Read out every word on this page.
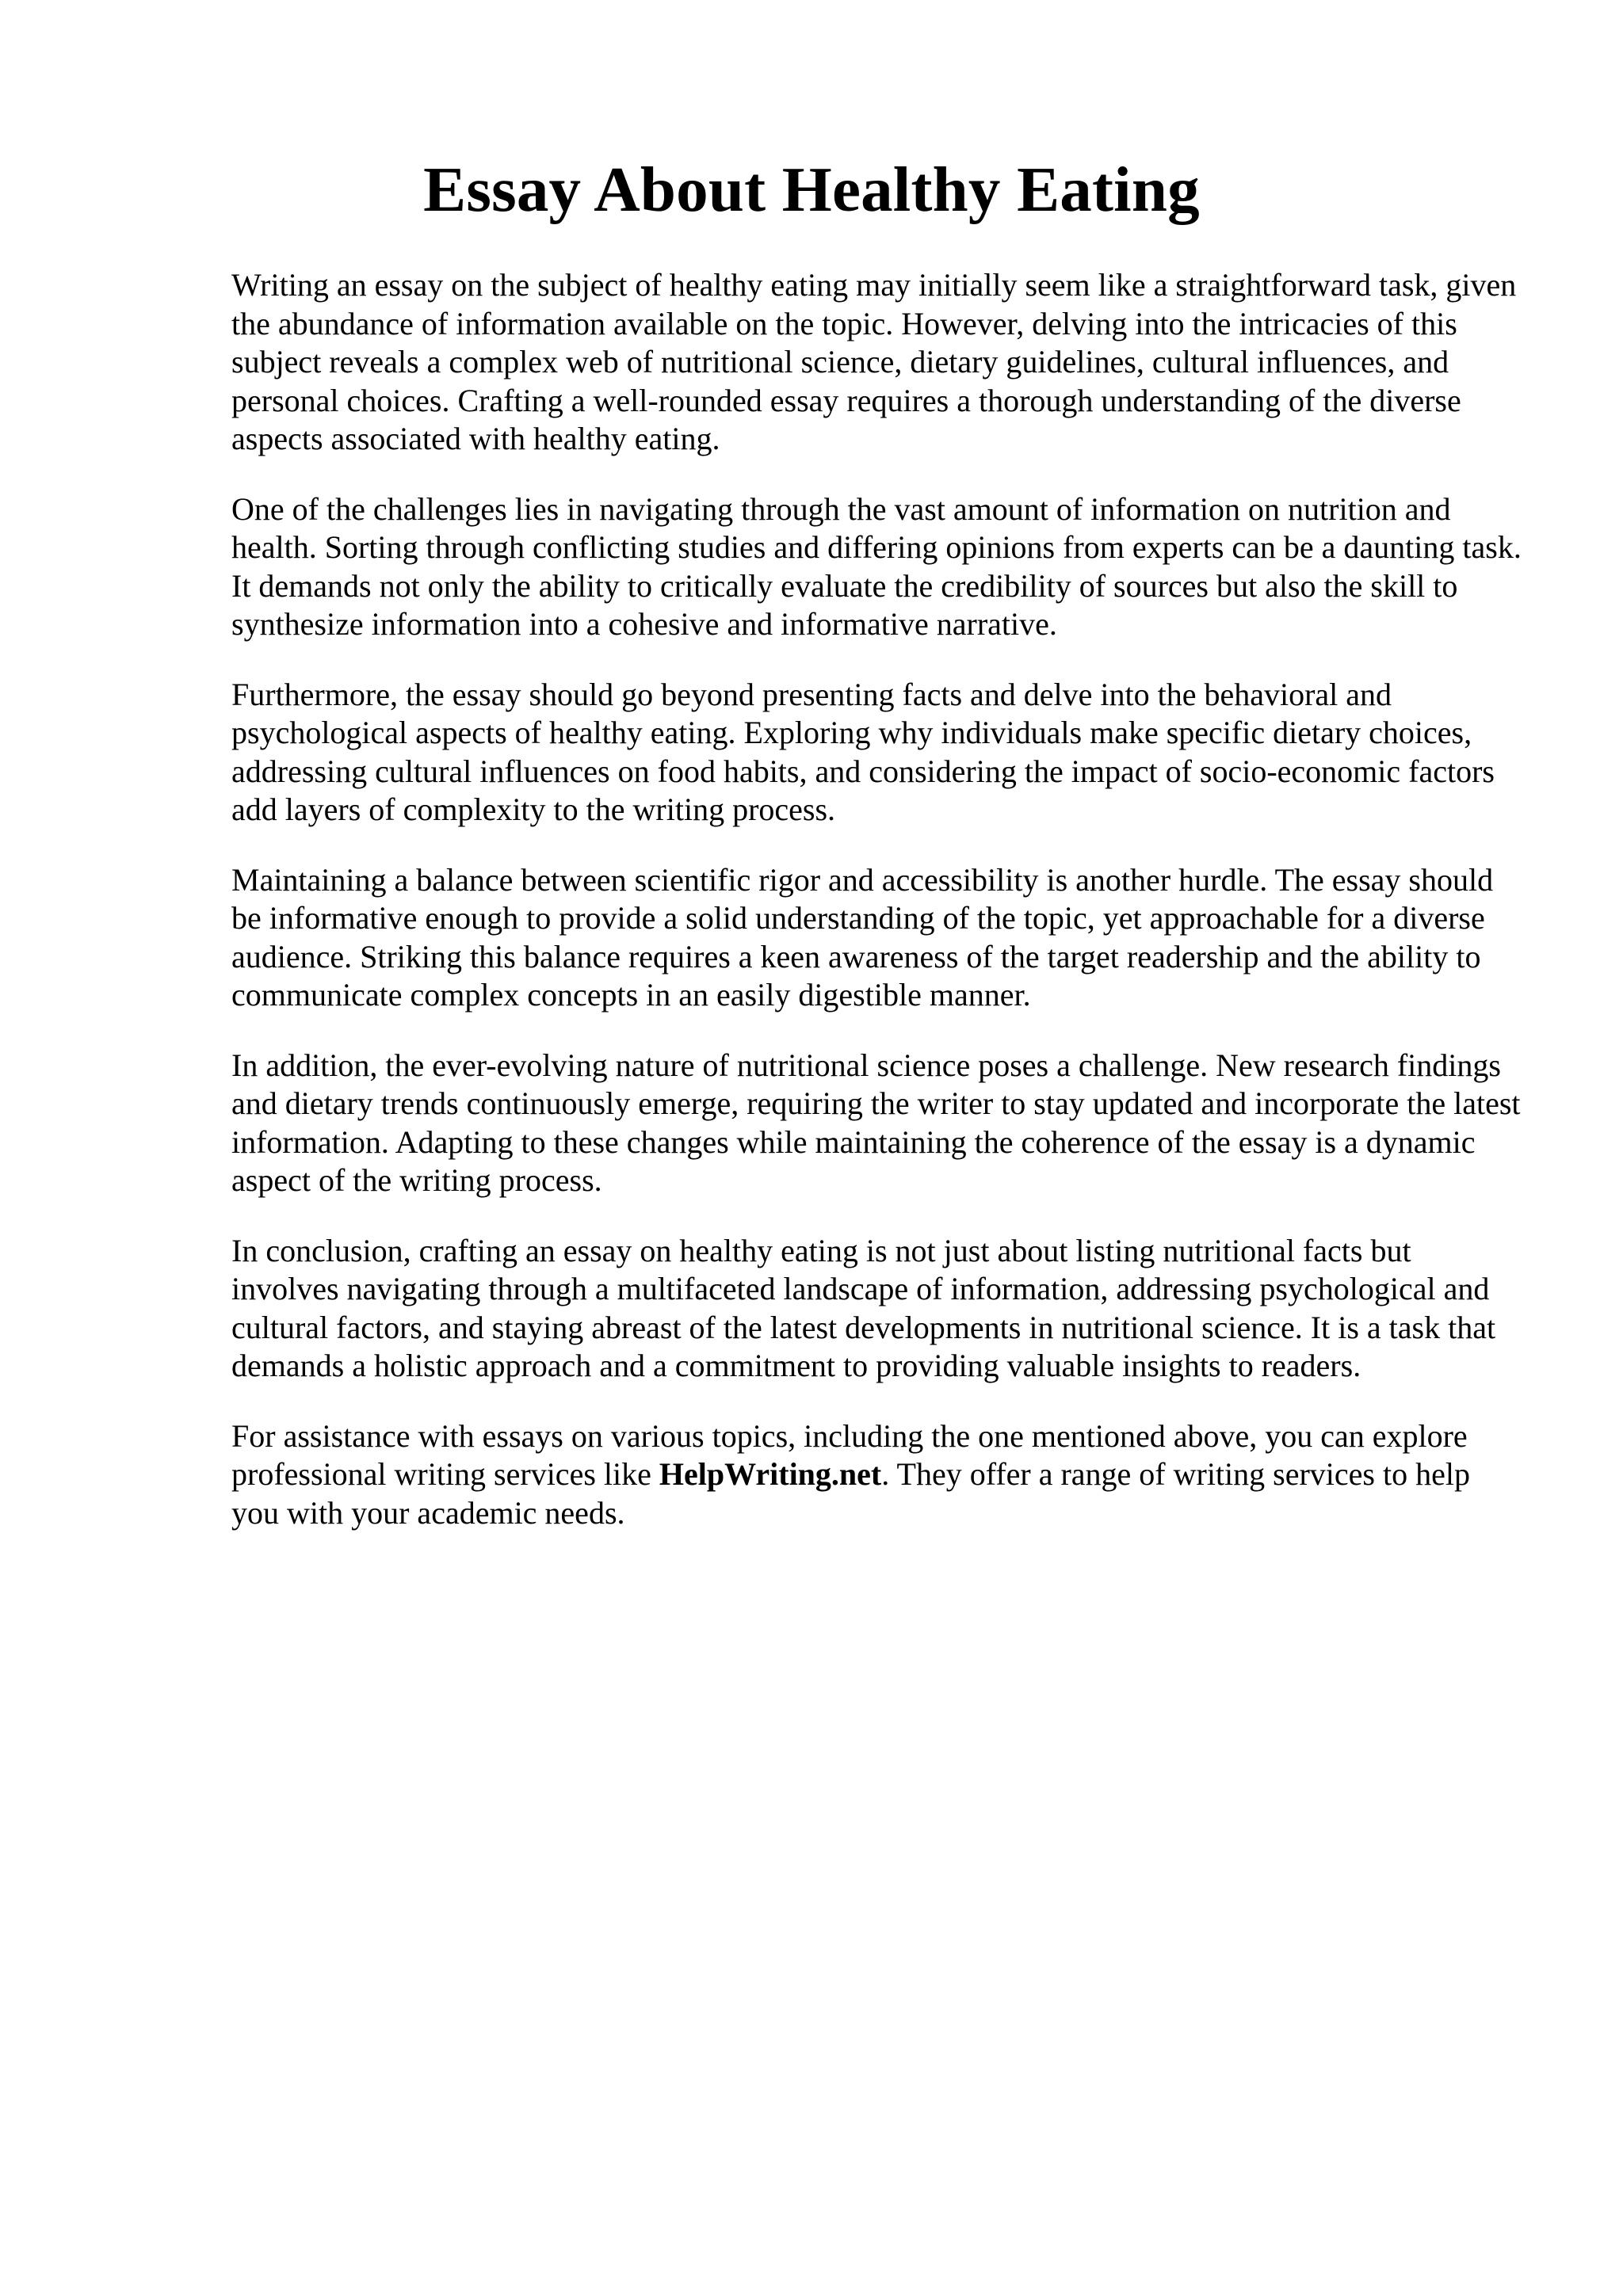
Essay About Healthy Eating

Writing an essay on the subject of healthy eating may initially seem like a straightforward task, given the abundance of information available on the topic. However, delving into the intricacies of this subject reveals a complex web of nutritional science, dietary guidelines, cultural influences, and personal choices. Crafting a well-rounded essay requires a thorough understanding of the diverse aspects associated with healthy eating.

One of the challenges lies in navigating through the vast amount of information on nutrition and health. Sorting through conflicting studies and differing opinions from experts can be a daunting task. It demands not only the ability to critically evaluate the credibility of sources but also the skill to synthesize information into a cohesive and informative narrative.

Furthermore, the essay should go beyond presenting facts and delve into the behavioral and psychological aspects of healthy eating. Exploring why individuals make specific dietary choices, addressing cultural influences on food habits, and considering the impact of socio-economic factors add layers of complexity to the writing process.

Maintaining a balance between scientific rigor and accessibility is another hurdle. The essay should be informative enough to provide a solid understanding of the topic, yet approachable for a diverse audience. Striking this balance requires a keen awareness of the target readership and the ability to communicate complex concepts in an easily digestible manner.

In addition, the ever-evolving nature of nutritional science poses a challenge. New research findings and dietary trends continuously emerge, requiring the writer to stay updated and incorporate the latest information. Adapting to these changes while maintaining the coherence of the essay is a dynamic aspect of the writing process.

In conclusion, crafting an essay on healthy eating is not just about listing nutritional facts but involves navigating through a multifaceted landscape of information, addressing psychological and cultural factors, and staying abreast of the latest developments in nutritional science. It is a task that demands a holistic approach and a commitment to providing valuable insights to readers.

For assistance with essays on various topics, including the one mentioned above, you can explore professional writing services like HelpWriting.net. They offer a range of writing services to help you with your academic needs.
